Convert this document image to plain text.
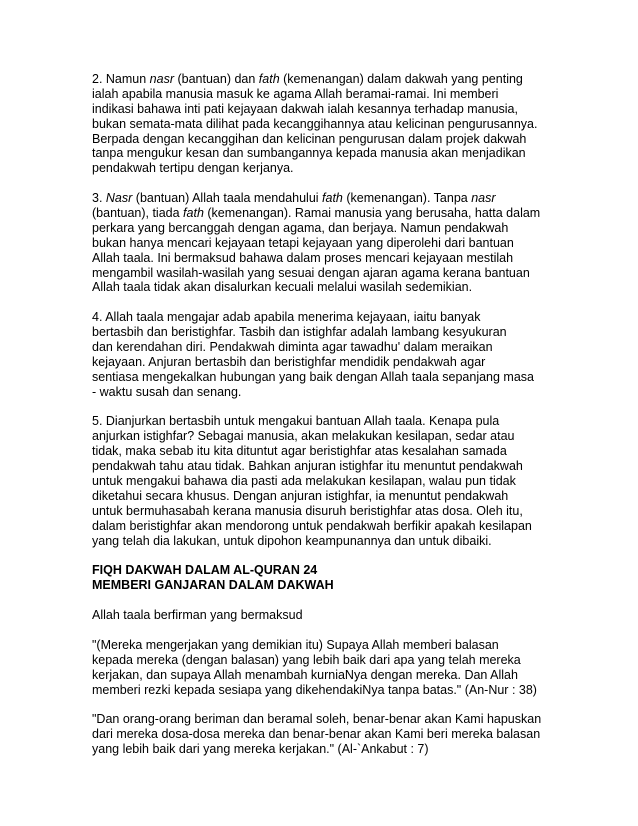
2. Namun nasr (bantuan) dan fath (kemenangan) dalam dakwah yang penting
ialah apabila manusia masuk ke agama Allah beramai-ramai. Ini memberi
indikasi bahawa inti pati kejayaan dakwah ialah kesannya terhadap manusia,
bukan semata-mata dilihat pada kecanggihannya atau kelicinan pengurusannya.
Berpada dengan kecanggihan dan kelicinan pengurusan dalam projek dakwah
tanpa mengukur kesan dan sumbangannya kepada manusia akan menjadikan
pendakwah tertipu dengan kerjanya.

3. Nasr (bantuan) Allah taala mendahului fath (kemenangan). Tanpa nasr
(bantuan), tiada fath (kemenangan). Ramai manusia yang berusaha, hatta dalam
perkara yang bercanggah dengan agama, dan berjaya. Namun pendakwah
bukan hanya mencari kejayaan tetapi kejayaan yang diperolehi dari bantuan
Allah taala. Ini bermaksud bahawa dalam proses mencari kejayaan mestilah
mengambil wasilah-wasilah yang sesuai dengan ajaran agama kerana bantuan
Allah taala tidak akan disalurkan kecuali melalui wasilah sedemikian.

4. Allah taala mengajar adab apabila menerima kejayaan, iaitu banyak
bertasbih dan beristighfar. Tasbih dan istighfar adalah lambang kesyukuran
dan kerendahan diri. Pendakwah diminta agar tawadhu' dalam meraikan
kejayaan. Anjuran bertasbih dan beristighfar mendidik pendakwah agar
sentiasa mengekalkan hubungan yang baik dengan Allah taala sepanjang masa
- waktu susah dan senang.

5. Dianjurkan bertasbih untuk mengakui bantuan Allah taala. Kenapa pula
anjurkan istighfar? Sebagai manusia, akan melakukan kesilapan, sedar atau
tidak, maka sebab itu kita dituntut agar beristighfar atas kesalahan samada
pendakwah tahu atau tidak. Bahkan anjuran istighfar itu menuntut pendakwah
untuk mengakui bahawa dia pasti ada melakukan kesilapan, walau pun tidak
diketahui secara khusus. Dengan anjuran istighfar, ia menuntut pendakwah
untuk bermuhasabah kerana manusia disuruh beristighfar atas dosa. Oleh itu,
dalam beristighfar akan mendorong untuk pendakwah berfikir apakah kesilapan
yang telah dia lakukan, untuk dipohon keampunannya dan untuk dibaiki.

FIQH DAKWAH DALAM AL-QURAN 24
MEMBERI GANJARAN DALAM DAKWAH

Allah taala berfirman yang bermaksud

"(Mereka mengerjakan yang demikian itu) Supaya Allah memberi balasan
kepada mereka (dengan balasan) yang lebih baik dari apa yang telah mereka
kerjakan, dan supaya Allah menambah kurniaNya dengan mereka. Dan Allah
memberi rezki kepada sesiapa yang dikehendakiNya tanpa batas." (An-Nur : 38)

"Dan orang-orang beriman dan beramal soleh, benar-benar akan Kami hapuskan
dari mereka dosa-dosa mereka dan benar-benar akan Kami beri mereka balasan
yang lebih baik dari yang mereka kerjakan." (Al-`Ankabut : 7)
